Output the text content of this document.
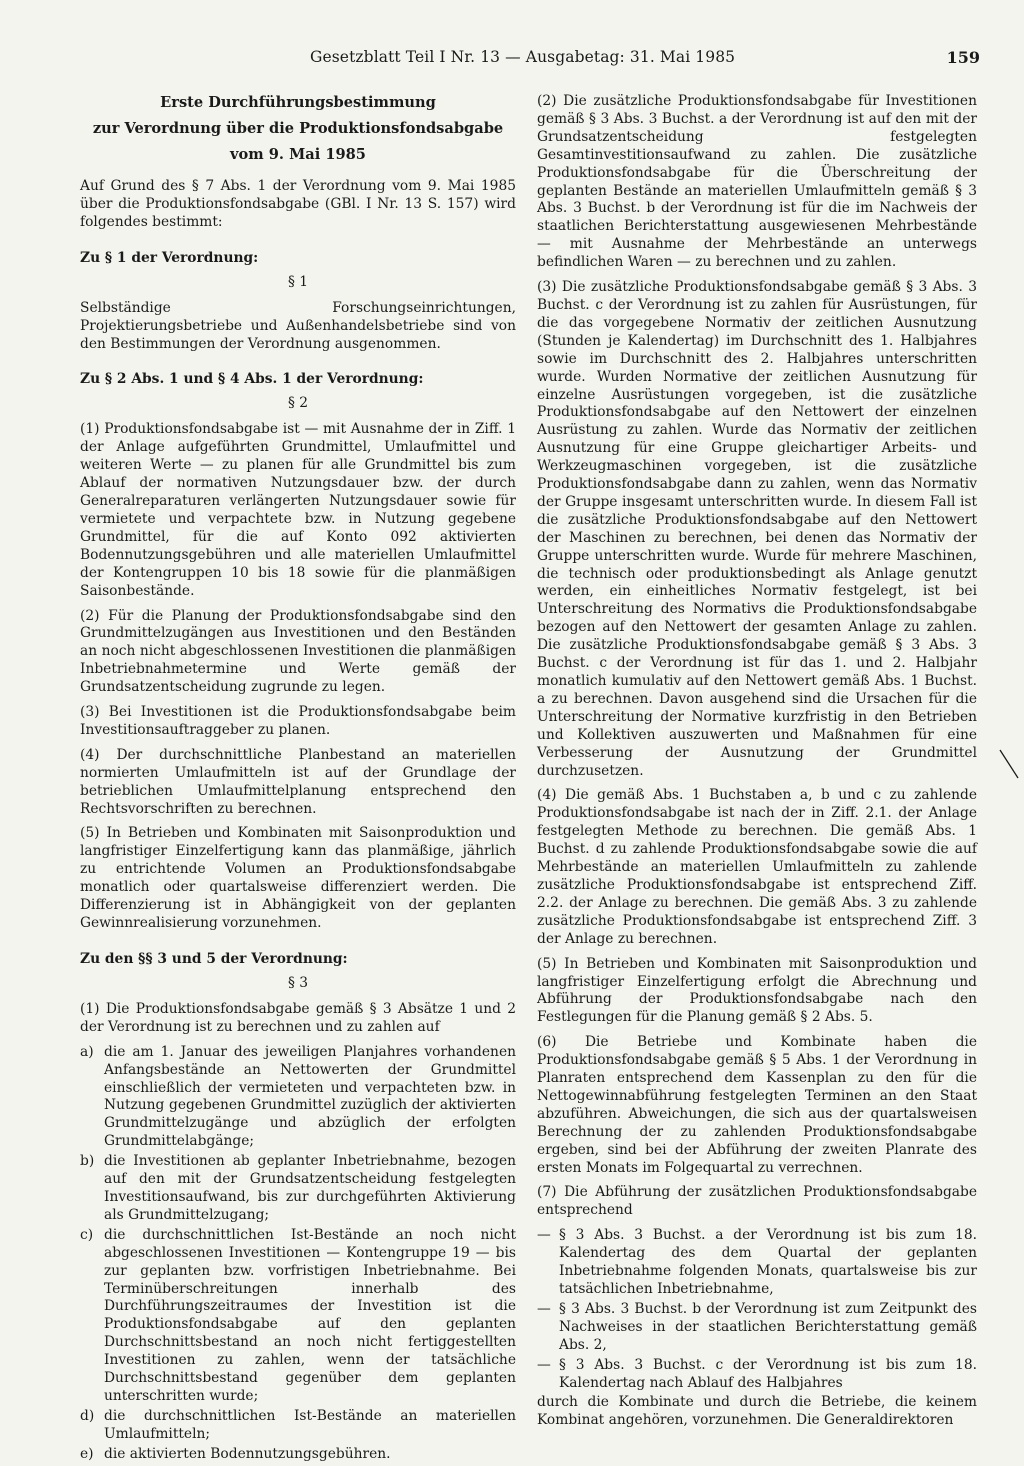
Gesetzblatt Teil I Nr. 13 — Ausgabetag: 31. Mai 1985	159

Erste Durchführungsbestimmung

zur Verordnung über die Produktionsfondsabgabe

vom 9. Mai 1985

Auf Grund des § 7 Abs. 1 der Verordnung vom 9. Mai 1985 über die Produktionsfondsabgabe (GBl. I Nr. 13 S. 157) wird folgendes bestimmt:

Zu § 1 der Verordnung:
§ 1

Selbständige Forschungseinrichtungen, Projektierungsbetriebe und Außenhandelsbetriebe sind von den Bestimmungen der Verordnung ausgenommen.

Zu § 2 Abs. 1 und § 4 Abs. 1 der Verordnung:
§ 2

(1) Produktionsfondsabgabe ist — mit Ausnahme der in Ziff. 1 der Anlage aufgeführten Grundmittel, Umlaufmittel und weiteren Werte — zu planen für alle Grundmittel bis zum Ablauf der normativen Nutzungsdauer bzw. der durch Generalreparaturen verlängerten Nutzungsdauer sowie für vermietete und verpachtete bzw. in Nutzung gegebene Grundmittel, für die auf Konto 092 aktivierten Bodennutzungsgebühren und alle materiellen Umlaufmittel der Kontengruppen 10 bis 18 sowie für die planmäßigen Saisonbestände.

(2) Für die Planung der Produktionsfondsabgabe sind den Grundmittelzugängen aus Investitionen und den Beständen an noch nicht abgeschlossenen Investitionen die planmäßigen Inbetriebnahmetermine und Werte gemäß der Grundsatzentscheidung zugrunde zu legen.

(3) Bei Investitionen ist die Produktionsfondsabgabe beim Investitionsauftraggeber zu planen.

(4) Der durchschnittliche Planbestand an materiellen normierten Umlaufmitteln ist auf der Grundlage der betrieblichen Umlaufmittelplanung entsprechend den Rechtsvorschriften zu berechnen.

(5) In Betrieben und Kombinaten mit Saisonproduktion und langfristiger Einzelfertigung kann das planmäßige, jährlich zu entrichtende Volumen an Produktionsfondsabgabe monatlich oder quartalsweise differenziert werden. Die Differenzierung ist in Abhängigkeit von der geplanten Gewinnrealisierung vorzunehmen.

Zu den §§ 3 und 5 der Verordnung:
§ 3

(1) Die Produktionsfondsabgabe gemäß § 3 Absätze 1 und 2 der Verordnung ist zu berechnen und zu zahlen auf

a) die am 1. Januar des jeweiligen Planjahres vorhandenen Anfangsbestände an Nettowerten der Grundmittel einschließlich der vermieteten und verpachteten bzw. in Nutzung gegebenen Grundmittel zuzüglich der aktivierten Grundmittelzugänge und abzüglich der erfolgten Grundmittelabgänge;
b) die Investitionen ab geplanter Inbetriebnahme, bezogen auf den mit der Grundsatzentscheidung festgelegten Investitionsaufwand, bis zur durchgeführten Aktivierung als Grundmittelzugang;
c) die durchschnittlichen Ist-Bestände an noch nicht abgeschlossenen Investitionen — Kontengruppe 19 — bis zur geplanten bzw. vorfristigen Inbetriebnahme. Bei Terminüberschreitungen innerhalb des Durchführungszeitraumes der Investition ist die Produktionsfondsabgabe auf den geplanten Durchschnittsbestand an noch nicht fertiggestellten Investitionen zu zahlen, wenn der tatsächliche Durchschnittsbestand gegenüber dem geplanten unterschritten wurde;
d) die durchschnittlichen Ist-Bestände an materiellen Umlaufmitteln;
e) die aktivierten Bodennutzungsgebühren.

(2) Die zusätzliche Produktionsfondsabgabe für Investitionen gemäß § 3 Abs. 3 Buchst. a der Verordnung ist auf den mit der Grundsatzentscheidung festgelegten Gesamtinvestitionsaufwand zu zahlen. Die zusätzliche Produktionsfondsabgabe für die Überschreitung der geplanten Bestände an materiellen Umlaufmitteln gemäß § 3 Abs. 3 Buchst. b der Verordnung ist für die im Nachweis der staatlichen Berichterstattung ausgewiesenen Mehrbestände — mit Ausnahme der Mehrbestände an unterwegs befindlichen Waren — zu berechnen und zu zahlen.

(3) Die zusätzliche Produktionsfondsabgabe gemäß § 3 Abs. 3 Buchst. c der Verordnung ist zu zahlen für Ausrüstungen, für die das vorgegebene Normativ der zeitlichen Ausnutzung (Stunden je Kalendertag) im Durchschnitt des 1. Halbjahres sowie im Durchschnitt des 2. Halbjahres unterschritten wurde. Wurden Normative der zeitlichen Ausnutzung für einzelne Ausrüstungen vorgegeben, ist die zusätzliche Produktionsfondsabgabe auf den Nettowert der einzelnen Ausrüstung zu zahlen. Wurde das Normativ der zeitlichen Ausnutzung für eine Gruppe gleichartiger Arbeits- und Werkzeugmaschinen vorgegeben, ist die zusätzliche Produktionsfondsabgabe dann zu zahlen, wenn das Normativ der Gruppe insgesamt unterschritten wurde. In diesem Fall ist die zusätzliche Produktionsfondsabgabe auf den Nettowert der Maschinen zu berechnen, bei denen das Normativ der Gruppe unterschritten wurde. Wurde für mehrere Maschinen, die technisch oder produktionsbedingt als Anlage genutzt werden, ein einheitliches Normativ festgelegt, ist bei Unterschreitung des Normativs die Produktionsfondsabgabe bezogen auf den Nettowert der gesamten Anlage zu zahlen. Die zusätzliche Produktionsfondsabgabe gemäß § 3 Abs. 3 Buchst. c der Verordnung ist für das 1. und 2. Halbjahr monatlich kumulativ auf den Nettowert gemäß Abs. 1 Buchst. a zu berechnen. Davon ausgehend sind die Ursachen für die Unterschreitung der Normative kurzfristig in den Betrieben und Kollektiven auszuwerten und Maßnahmen für eine Verbesserung der Ausnutzung der Grundmittel durchzusetzen.

(4) Die gemäß Abs. 1 Buchstaben a, b und c zu zahlende Produktionsfondsabgabe ist nach der in Ziff. 2.1. der Anlage festgelegten Methode zu berechnen. Die gemäß Abs. 1 Buchst. d zu zahlende Produktionsfondsabgabe sowie die auf Mehrbestände an materiellen Umlaufmitteln zu zahlende zusätzliche Produktionsfondsabgabe ist entsprechend Ziff. 2.2. der Anlage zu berechnen. Die gemäß Abs. 3 zu zahlende zusätzliche Produktionsfondsabgabe ist entsprechend Ziff. 3 der Anlage zu berechnen.

(5) In Betrieben und Kombinaten mit Saisonproduktion und langfristiger Einzelfertigung erfolgt die Abrechnung und Abführung der Produktionsfondsabgabe nach den Festlegungen für die Planung gemäß § 2 Abs. 5.

(6) Die Betriebe und Kombinate haben die Produktionsfondsabgabe gemäß § 5 Abs. 1 der Verordnung in Planraten entsprechend dem Kassenplan zu den für die Nettogewinnabführung festgelegten Terminen an den Staat abzuführen. Abweichungen, die sich aus der quartalsweisen Berechnung der zu zahlenden Produktionsfondsabgabe ergeben, sind bei der Abführung der zweiten Planrate des ersten Monats im Folgequartal zu verrechnen.

(7) Die Abführung der zusätzlichen Produktionsfondsabgabe entsprechend

— § 3 Abs. 3 Buchst. a der Verordnung ist bis zum 18. Kalendertag des dem Quartal der geplanten Inbetriebnahme folgenden Monats, quartalsweise bis zur tatsächlichen Inbetriebnahme,
— § 3 Abs. 3 Buchst. b der Verordnung ist zum Zeitpunkt des Nachweises in der staatlichen Berichterstattung gemäß Abs. 2,
— § 3 Abs. 3 Buchst. c der Verordnung ist bis zum 18. Kalendertag nach Ablauf des Halbjahres

durch die Kombinate und durch die Betriebe, die keinem Kombinat angehören, vorzunehmen. Die Generaldirektoren
